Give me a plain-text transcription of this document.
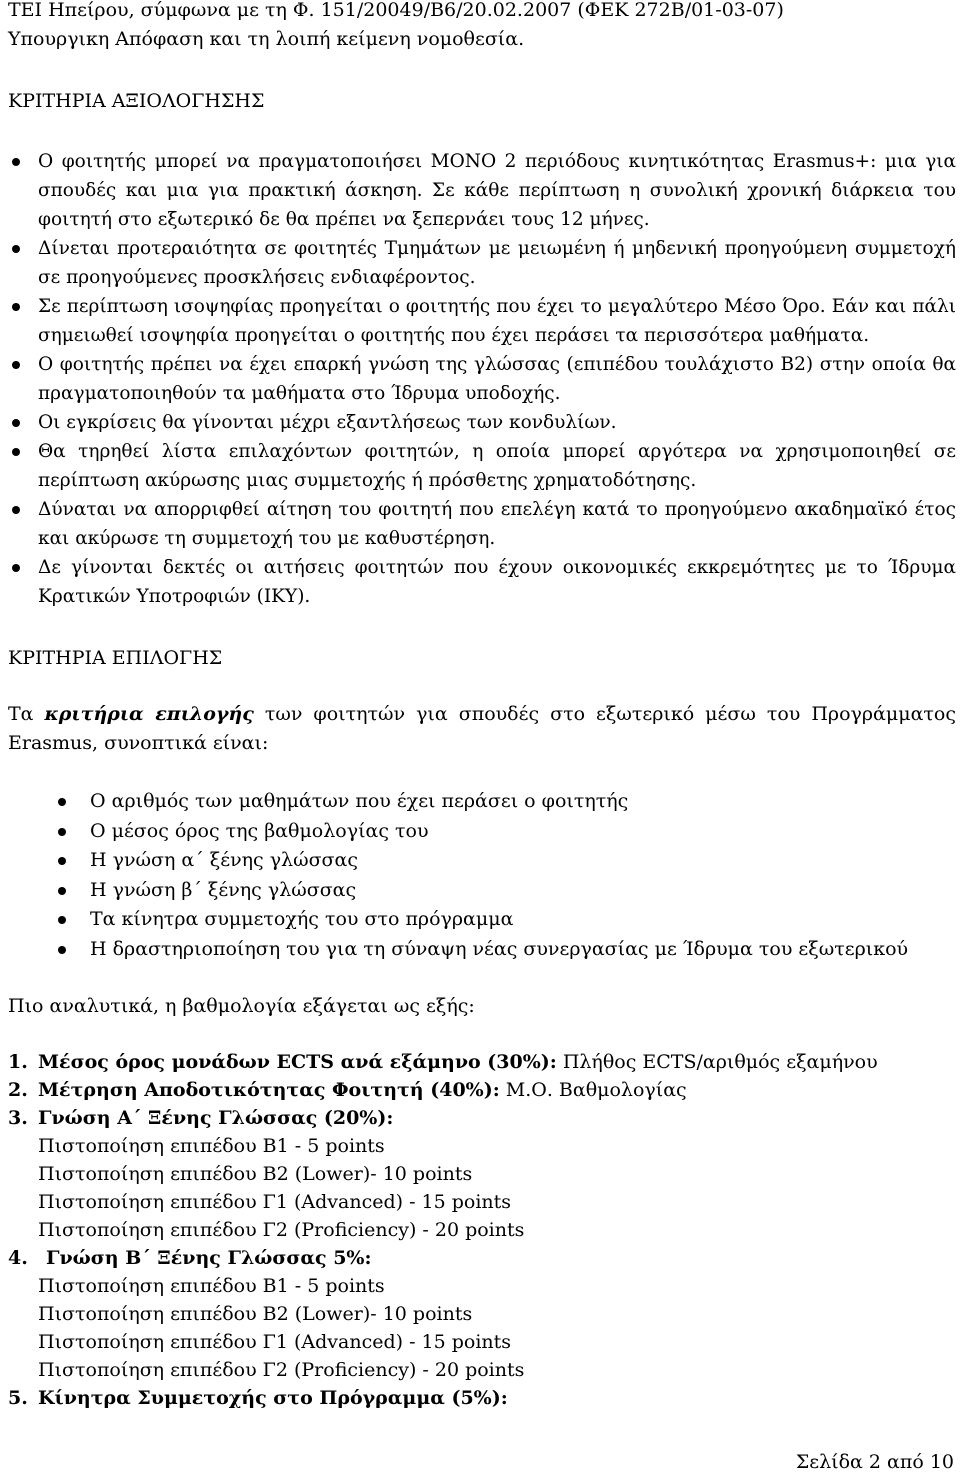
ΤΕΙ Ηπείρου, σύμφωνα με τη Φ. 151/20049/Β6/20.02.2007 (ΦΕΚ 272Β/01-03-07)

Υπουργικη Απόφαση και τη λοιπή κείμενη νομοθεσία.

ΚΡΙΤΗΡΙΑ ΑΞΙΟΛΟΓΗΣΗΣ

Ο φοιτητής μπορεί να πραγματοποιήσει ΜΟΝΟ 2 περιόδους κινητικότητας Erasmus+: μια για σπουδές και μια για πρακτική άσκηση. Σε κάθε περίπτωση η συνολική χρονική διάρκεια του φοιτητή στο εξωτερικό δε θα πρέπει να ξεπερνάει τους 12 μήνες.
Δίνεται προτεραιότητα σε φοιτητές Τμημάτων με μειωμένη ή μηδενική προηγούμενη συμμετοχή σε προηγούμενες προσκλήσεις ενδιαφέροντος.
Σε περίπτωση ισοψηφίας προηγείται ο φοιτητής που έχει το μεγαλύτερο Μέσο Όρο. Εάν και πάλι σημειωθεί ισοψηφία προηγείται ο φοιτητής που έχει περάσει τα περισσότερα μαθήματα.
Ο φοιτητής πρέπει να έχει επαρκή γνώση της γλώσσας (επιπέδου τουλάχιστο Β2) στην οποία θα πραγματοποιηθούν τα μαθήματα στο Ίδρυμα υποδοχής.
Οι εγκρίσεις θα γίνονται μέχρι εξαντλήσεως των κονδυλίων.
Θα τηρηθεί λίστα επιλαχόντων φοιτητών, η οποία μπορεί αργότερα να χρησιμοποιηθεί σε περίπτωση ακύρωσης μιας συμμετοχής ή πρόσθετης χρηματοδότησης.
Δύναται να απορριφθεί αίτηση του φοιτητή που επελέγη κατά το προηγούμενο ακαδημαϊκό έτος και ακύρωσε τη συμμετοχή του με καθυστέρηση.
Δε γίνονται δεκτές οι αιτήσεις φοιτητών που έχουν οικονομικές εκκρεμότητες με το Ίδρυμα Κρατικών Υποτροφιών (ΙΚΥ).

ΚΡΙΤΗΡΙΑ ΕΠΙΛΟΓΗΣ

Τα κριτήρια επιλογής των φοιτητών για σπουδές στο εξωτερικό μέσω του Προγράμματος Erasmus, συνοπτικά είναι:

Ο αριθμός των μαθημάτων που έχει περάσει ο φοιτητής
Ο μέσος όρος της βαθμολογίας του
Η γνώση α΄ ξένης γλώσσας
Η γνώση β΄ ξένης γλώσσας
Τα κίνητρα συμμετοχής του στο πρόγραμμα
Η δραστηριοποίηση του για τη σύναψη νέας συνεργασίας με Ίδρυμα του εξωτερικού

Πιο αναλυτικά, η βαθμολογία εξάγεται ως εξής:

1. Μέσος όρος μονάδων ECTS ανά εξάμηνο (30%): Πλήθος ECTS/αριθμός εξαμήνου
2. Μέτρηση Αποδοτικότητας Φοιτητή (40%): Μ.Ο. Βαθμολογίας
3. Γνώση Α΄ Ξένης Γλώσσας (20%):
Πιστοποίηση επιπέδου Β1 - 5 points
Πιστοποίηση επιπέδου Β2 (Lower)- 10 points
Πιστοποίηση επιπέδου Γ1 (Advanced) - 15 points
Πιστοποίηση επιπέδου Γ2 (Proficiency) - 20 points
4. Γνώση Β΄ Ξένης Γλώσσας 5%:
Πιστοποίηση επιπέδου Β1 - 5 points
Πιστοποίηση επιπέδου Β2 (Lower)- 10 points
Πιστοποίηση επιπέδου Γ1 (Advanced) - 15 points
Πιστοποίηση επιπέδου Γ2 (Proficiency) - 20 points
5. Κίνητρα Συμμετοχής στο Πρόγραμμα (5%):
Σελίδα 2 από 10
